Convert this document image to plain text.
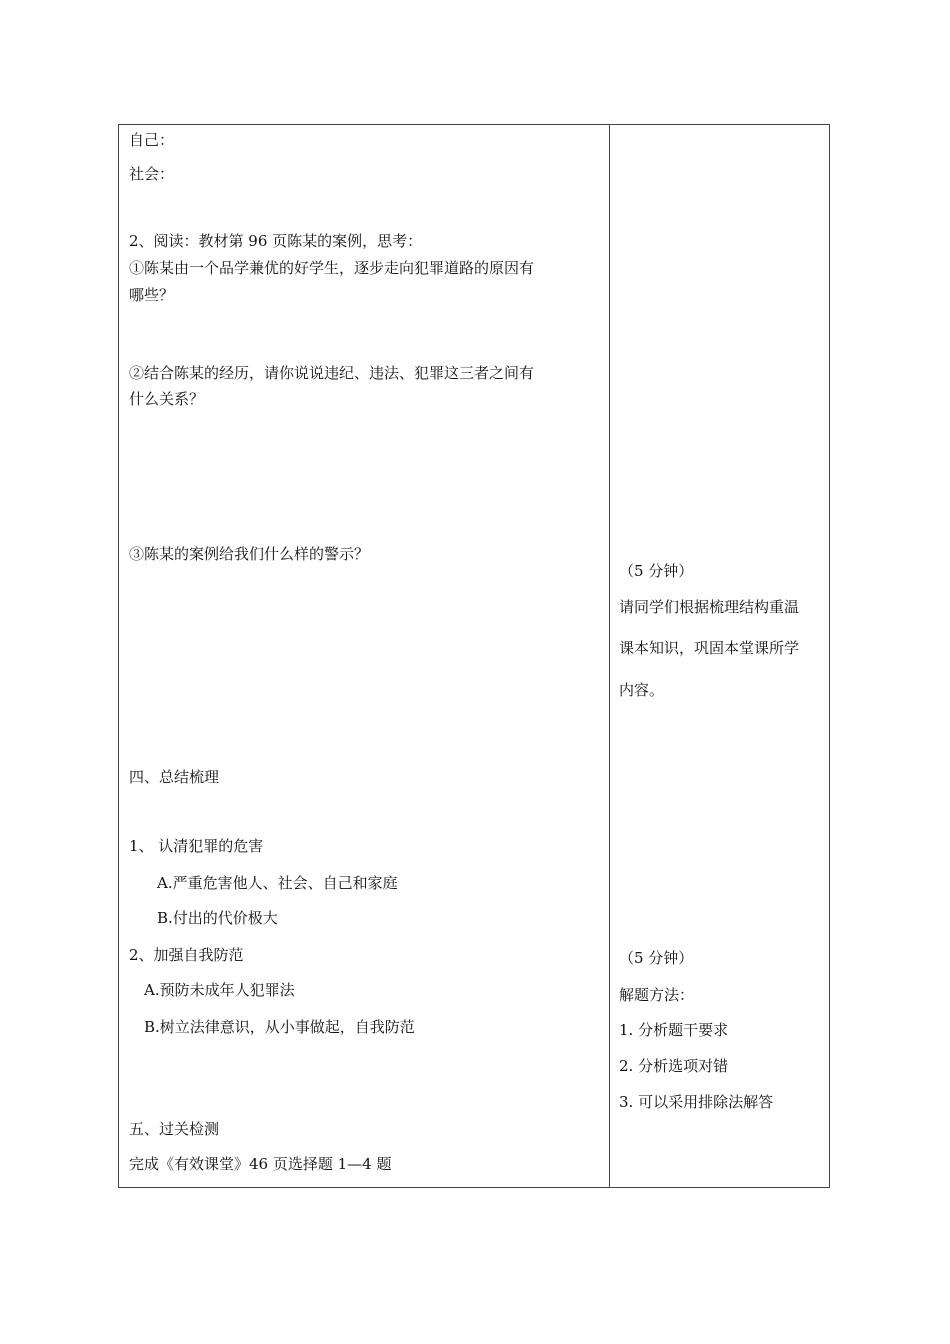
自己：
社会：
2、阅读：教材第 96 页陈某的案例，思考：
①陈某由一个品学兼优的好学生，逐步走向犯罪道路的原因有
哪些？
②结合陈某的经历，请你说说违纪、违法、犯罪这三者之间有
什么关系？
③陈某的案例给我们什么样的警示？
四、总结梳理
1、 认清犯罪的危害
A.严重危害他人、社会、自己和家庭
B.付出的代价极大
2、加强自我防范
A.预防未成年人犯罪法
B.树立法律意识，从小事做起，自我防范
五、过关检测
完成《有效课堂》46 页选择题 1—4 题
（5 分钟）
请同学们根据梳理结构重温
课本知识，巩固本堂课所学
内容。
（5 分钟）
解题方法：
1. 分析题干要求
2. 分析选项对错
3. 可以采用排除法解答
